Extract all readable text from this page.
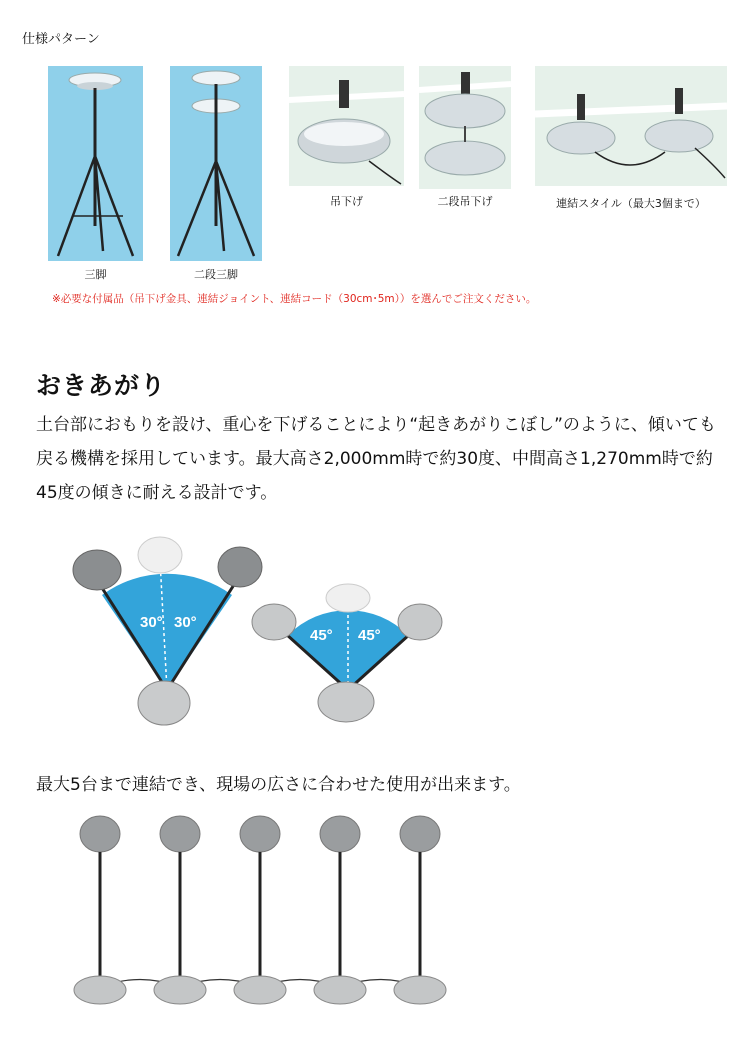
仕様パターン
三脚	二段三脚
吊下げ	二段吊下げ	連結スタイル（最大3個まで）
※必要な付属品（吊下げ金具、連結ジョイント、連結コード（30cm･5m））を選んでご注文ください。
おきあがり
土台部におもりを設け、重心を下げることにより“起きあがりこぼし”のように、傾いても戻る機構を採用しています。最大高さ2,000mm時で約30度、中間高さ1,270mm時で約45度の傾きに耐える設計です。
30° 30°
45° 45°
最大5台まで連結でき、現場の広さに合わせた使用が出来ます。
